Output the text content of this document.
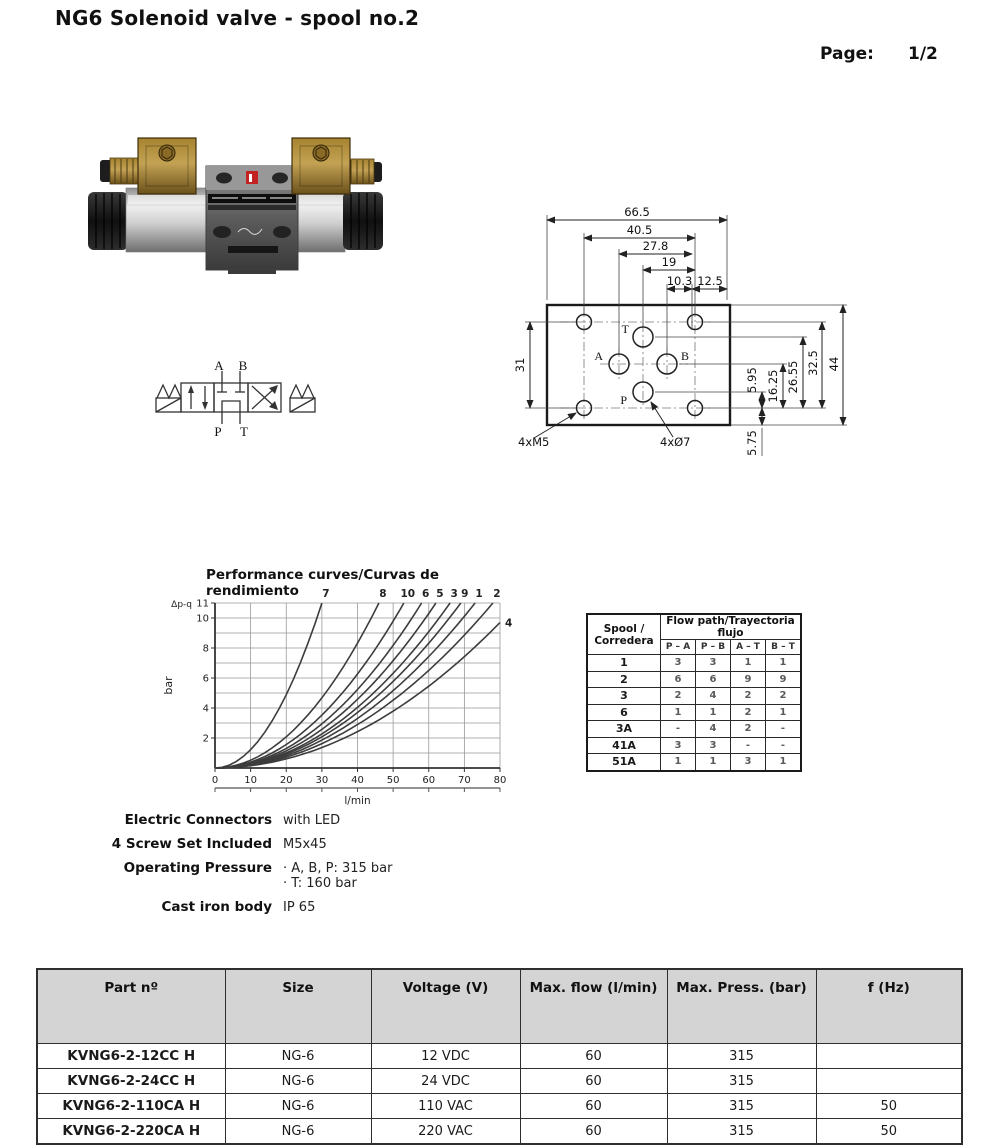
NG6 Solenoid valve - spool no.2
Page: 1/2
T
A	B
P
66.5
40.5
27.8
19
10.3 12.5
31
5.95
5.75
16.25 26.55 32.5 44
4xM5	4xØ7
A B
P T
Performance curves/Curvas de rendimiento
2
4
6
8
10
11
0	10 20 30 40 50 60 70 80
l/min
bar
Δp-q
7	8 10 6 5 3 9 1 2
4	Spool /
Corredera	Flow path/Trayectoria flujo			
	P – A	P – B	A – T	B – T
1	3	3	1	1
2	6	6	9	9
3	2	4	2	2
6	1	1	2	1
3A	-	4	2	-
41A	3	3	-	-
51A	1	1	3	1
Electric Connectors with LED
4 Screw Set Included M5x45
Operating Pressure · A, B, P: 315 bar
· T: 160 bar
Cast iron body IP 65
Part nº	Size	Voltage (V)	Max. flow (l/min)	Max. Press. (bar)	f (Hz)
KVNG6-2-12CC H	NG-6	12 VDC	60	315	
KVNG6-2-24CC H	NG-6	24 VDC	60	315	
KVNG6-2-110CA H	NG-6	110 VAC	60	315	50
KVNG6-2-220CA H	NG-6	220 VAC	60	315	50
